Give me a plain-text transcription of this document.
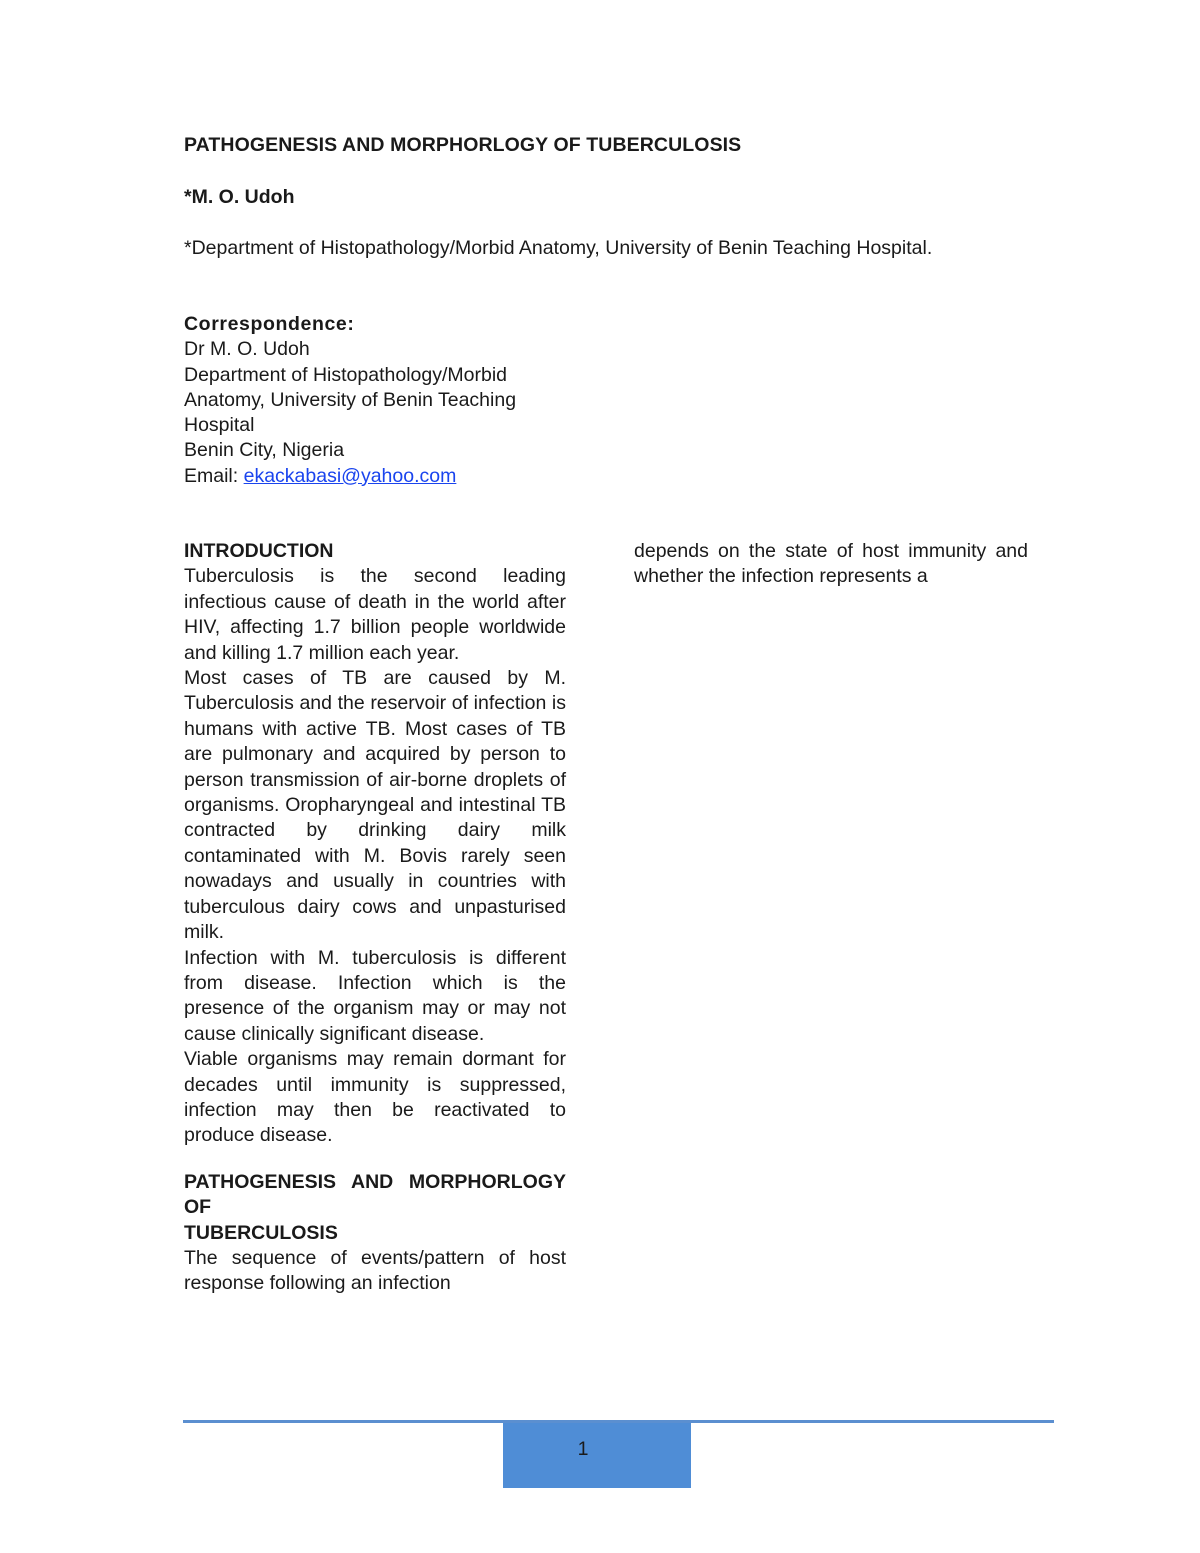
PATHOGENESIS AND MORPHORLOGY OF TUBERCULOSIS
*M. O. Udoh
*Department of Histopathology/Morbid Anatomy, University of Benin Teaching Hospital.
Correspondence:
Dr M. O. Udoh
Department of Histopathology/Morbid
Anatomy, University of Benin Teaching
Hospital
Benin City, Nigeria
Email: ekackabasi@yahoo.com
INTRODUCTION

Tuberculosis is the second leading infectious cause of death in the world after HIV, affecting 1.7 billion people worldwide and killing 1.7 million each year.

Most cases of TB are caused by M. Tuberculosis and the reservoir of infection is humans with active TB. Most cases of TB are pulmonary and acquired by person to person transmission of air-borne droplets of organisms. Oropharyngeal and intestinal TB contracted by drinking dairy milk contaminated with M. Bovis rarely seen nowadays and usually in countries with tuberculous dairy cows and unpasturised milk.

Infection with M. tuberculosis is different from disease. Infection which is the presence of the organism may or may not cause clinically significant disease.

Viable organisms may remain dormant for decades until immunity is suppressed, infection may then be reactivated to produce disease.

PATHOGENESIS AND MORPHORLOGY OF
TUBERCULOSIS

The sequence of events/pattern of host response following an infection

depends on the state of host immunity and whether the infection represents a

1
